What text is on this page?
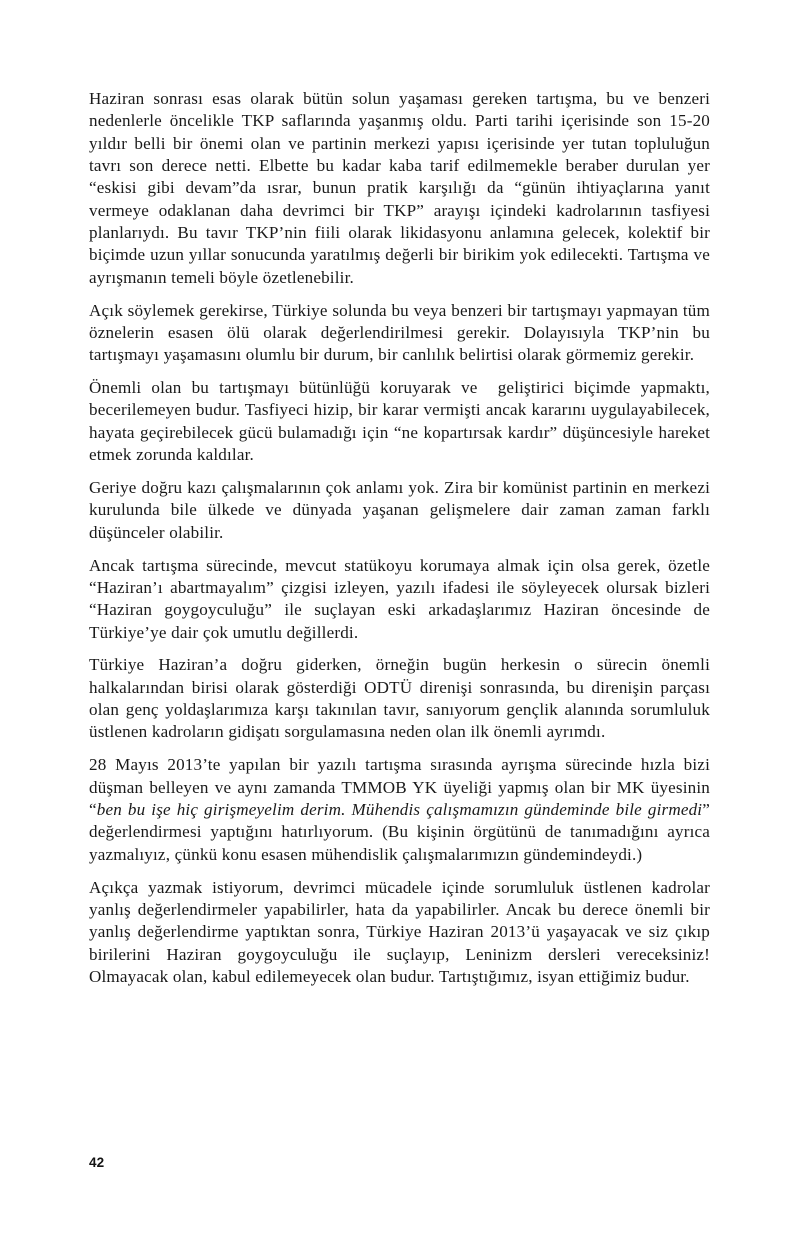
Haziran sonrası esas olarak bütün solun yaşaması gereken tartışma, bu ve benzeri nedenlerle öncelikle TKP saflarında yaşanmış oldu. Parti tarihi içerisinde son 15-20 yıldır belli bir önemi olan ve partinin merkezi yapısı içerisinde yer tutan topluluğun tavrı son derece netti. Elbette bu kadar kaba tarif edilmemekle beraber durulan yer “eskisi gibi devam”da ısrar, bunun pratik karşılığı da “günün ihtiyaçlarına yanıt vermeye odaklanan daha devrimci bir TKP” arayışı içindeki kadrolarının tasfiyesi planlarıydı. Bu tavır TKP’nin fiili olarak likidasyonu anlamına gelecek, kolektif bir biçimde uzun yıllar sonucunda yaratılmış değerli bir birikim yok edilecekti. Tartışma ve ayrışmanın temeli böyle özetlenebilir.

Açık söylemek gerekirse, Türkiye solunda bu veya benzeri bir tartışmayı yapmayan tüm öznelerin esasen ölü olarak değerlendirilmesi gerekir. Dolayısıyla TKP’nin bu tartışmayı yaşamasını olumlu bir durum, bir canlılık belirtisi olarak görmemiz gerekir.

Önemli olan bu tartışmayı bütünlüğü koruyarak ve  geliştirici biçimde yapmaktı, becerilemeyen budur. Tasfiyeci hizip, bir karar vermişti ancak kararını uygulayabilecek, hayata geçirebilecek gücü bulamadığı için “ne kopartırsak kardır” düşüncesiyle hareket etmek zorunda kaldılar.

Geriye doğru kazı çalışmalarının çok anlamı yok. Zira bir komünist partinin en merkezi kurulunda bile ülkede ve dünyada yaşanan gelişmelere dair zaman zaman farklı düşünceler olabilir.

Ancak tartışma sürecinde, mevcut statükoyu korumaya almak için olsa gerek, özetle “Haziran’ı abartmayalım” çizgisi izleyen, yazılı ifadesi ile söyleyecek olursak bizleri “Haziran goygoyculuğu” ile suçlayan eski arkadaşlarımız Haziran öncesinde de Türkiye’ye dair çok umutlu değillerdi.

Türkiye Haziran’a doğru giderken, örneğin bugün herkesin o sürecin önemli halkalarından birisi olarak gösterdiği ODTÜ direnişi sonrasında, bu direnişin parçası olan genç yoldaşlarımıza karşı takınılan tavır, sanıyorum gençlik alanında sorumluluk üstlenen kadroların gidişatı sorgulamasına neden olan ilk önemli ayrımdı.

28 Mayıs 2013’te yapılan bir yazılı tartışma sırasında ayrışma sürecinde hızla bizi düşman belleyen ve aynı zamanda TMMOB YK üyeliği yapmış olan bir MK üyesinin “ben bu işe hiç girişmeyelim derim. Mühendis çalışmamızın gündeminde bile girmedi” değerlendirmesi yaptığını hatırlıyorum. (Bu kişinin örgütünü de tanımadığını ayrıca yazmalıyız, çünkü konu esasen mühendislik çalışmalarımızın gündemindeydi.)

Açıkça yazmak istiyorum, devrimci mücadele içinde sorumluluk üstlenen kadrolar yanlış değerlendirmeler yapabilirler, hata da yapabilirler. Ancak bu derece önemli bir yanlış değerlendirme yaptıktan sonra, Türkiye Haziran 2013’ü yaşayacak ve siz çıkıp  birilerini Haziran goygoyculuğu ile suçlayıp, Leninizm dersleri vereceksiniz! Olmayacak olan, kabul edilemeyecek olan budur. Tartıştığımız, isyan ettiğimiz budur.

42
